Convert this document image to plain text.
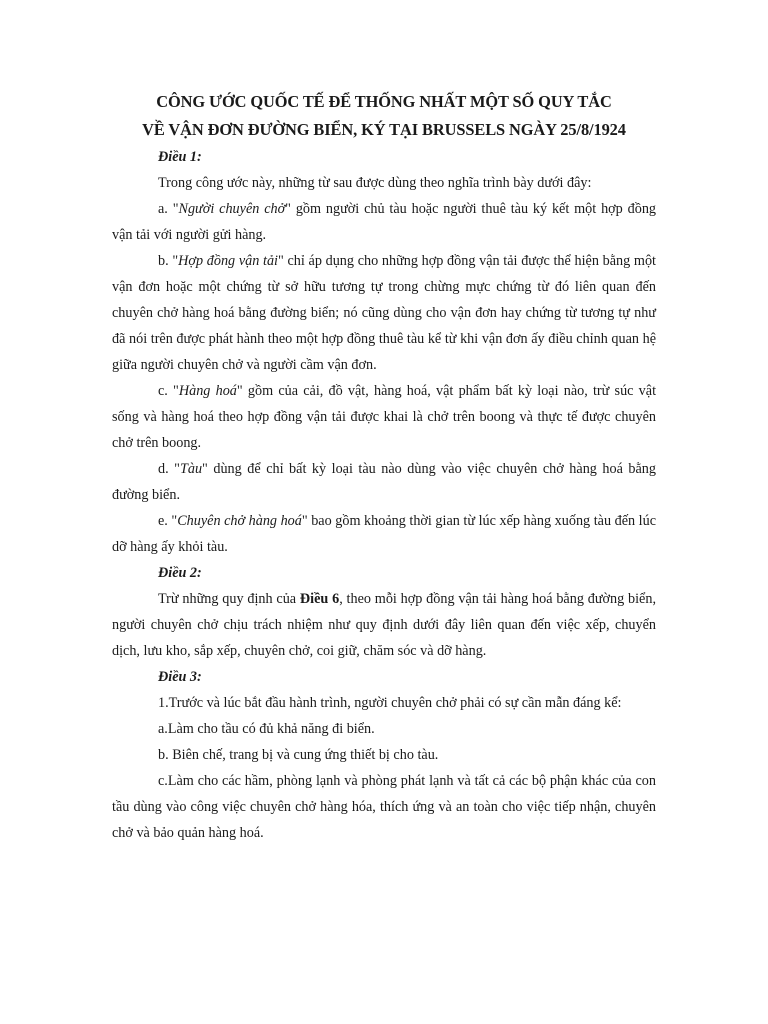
CÔNG ƯỚC QUỐC TẾ ĐỂ THỐNG NHẤT MỘT SỐ QUY TẮC

VỀ VẬN ĐƠN ĐƯỜNG BIỂN, KÝ TẠI BRUSSELS NGÀY 25/8/1924

Điều 1:

Trong công ước này, những từ sau được dùng theo nghĩa trình bày dưới đây:

a. "Người chuyên chở" gồm người chủ tàu hoặc người thuê tàu ký kết một hợp đồng vận tải với người gửi hàng.

b. "Hợp đồng vận tải" chỉ áp dụng cho những hợp đồng vận tải được thể hiện bằng một vận đơn hoặc một chứng từ sở hữu tương tự trong chừng mực chứng từ đó liên quan đến chuyên chở hàng hoá bằng đường biển; nó cũng dùng cho vận đơn hay chứng từ tương tự như đã nói trên được phát hành theo một hợp đồng thuê tàu kể từ khi vận đơn ấy điều chỉnh quan hệ giữa người chuyên chở và người cầm vận đơn.

c. "Hàng hoá" gồm của cải, đồ vật, hàng hoá, vật phẩm bất kỳ loại nào, trừ súc vật sống và hàng hoá theo hợp đồng vận tải được khai là chở trên boong và thực tế được chuyên chở trên boong.

d. "Tàu" dùng để chỉ bất kỳ loại tàu nào dùng vào việc chuyên chở hàng hoá bằng đường biển.

e. "Chuyên chở hàng hoá" bao gồm khoảng thời gian từ lúc xếp hàng xuống tàu đến lúc dỡ hàng ấy khỏi tàu.

Điều 2:

Trừ những quy định của Điều 6, theo mỗi hợp đồng vận tải hàng hoá bằng đường biển, người chuyên chở chịu trách nhiệm như quy định dưới đây liên quan đến việc xếp, chuyển dịch, lưu kho, sắp xếp, chuyên chở, coi giữ, chăm sóc và dỡ hàng.

Điều 3:

1.Trước và lúc bắt đầu hành trình, người chuyên chở phải có sự cần mẫn đáng kể:

a.Làm cho tầu có đủ khả năng đi biển.

b. Biên chế, trang bị và cung ứng thiết bị cho tàu.

c.Làm cho các hầm, phòng lạnh và phòng phát lạnh và tất cả các bộ phận khác của con tầu dùng vào công việc chuyên chở hàng hóa, thích ứng và an toàn cho việc tiếp nhận, chuyên chở và bảo quản hàng hoá.
